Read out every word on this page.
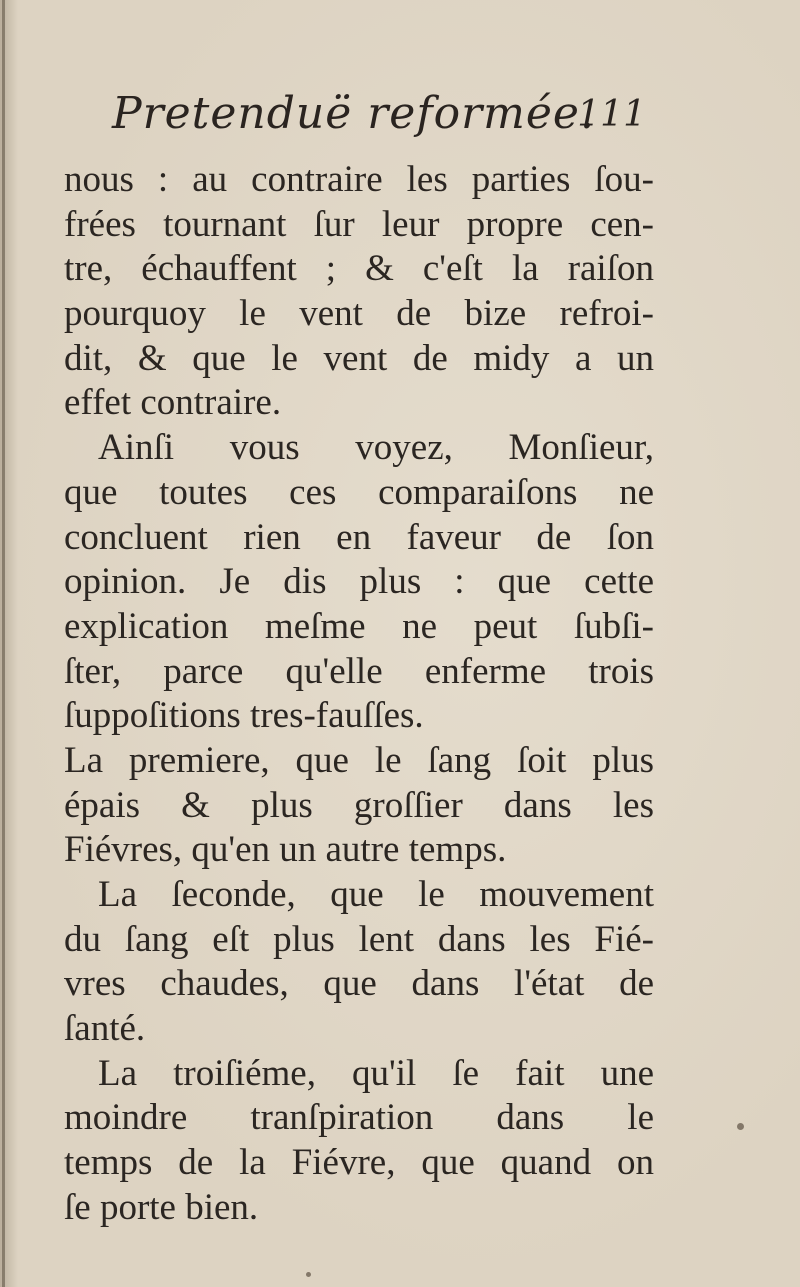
Pretenduë reformée.
111
nous : au contraire les parties ſou-
frées tournant ſur leur propre cen-
tre, échauffent ; & c'eſt la raiſon
pourquoy le vent de bize refroi-
dit, & que le vent de midy a un
effet contraire.
Ainſi vous voyez, Monſieur,
que toutes ces comparaiſons ne
concluent rien en faveur de ſon
opinion. Je dis plus : que cette
explication meſme ne peut ſubſi-
ſter, parce qu'elle enferme trois
ſuppoſitions tres-fauſſes.
La premiere, que le ſang ſoit plus
épais & plus groſſier dans les
Fiévres, qu'en un autre temps.
La ſeconde, que le mouvement
du ſang eſt plus lent dans les Fié-
vres chaudes, que dans l'état de
ſanté.
La troiſiéme, qu'il ſe fait une
moindre tranſpiration dans le
temps de la Fiévre, que quand on
ſe porte bien.
